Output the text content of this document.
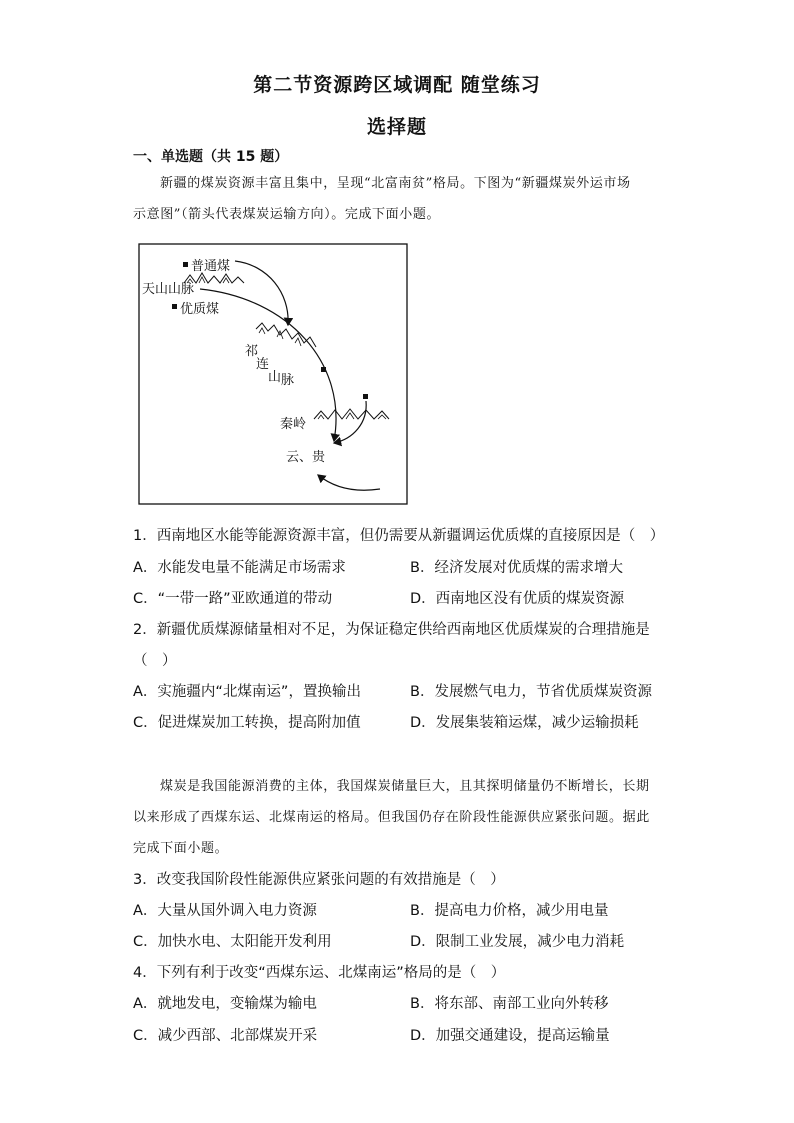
第二节资源跨区域调配 随堂练习
选择题
一、单选题（共 15 题）
新疆的煤炭资源丰富且集中，呈现“北富南贫”格局。下图为“新疆煤炭外运市场
示意图”（箭头代表煤炭运输方向）。完成下面小题。
普通煤
天山山脉
优质煤
祁
连
山 脉
秦岭
云、贵
1．西南地区水能等能源资源丰富，但仍需要从新疆调运优质煤的直接原因是（　）
A．水能发电量不能满足市场需求	B．经济发展对优质煤的需求增大
C．“一带一路”亚欧通道的带动	D．西南地区没有优质的煤炭资源
2．新疆优质煤源储量相对不足，为保证稳定供给西南地区优质煤炭的合理措施是
（　）
A．实施疆内“北煤南运”，置换输出	B．发展燃气电力，节省优质煤炭资源
C．促进煤炭加工转换，提高附加值	D．发展集装箱运煤，减少运输损耗
煤炭是我国能源消费的主体，我国煤炭储量巨大，且其探明储量仍不断增长，长期
以来形成了西煤东运、北煤南运的格局。但我国仍存在阶段性能源供应紧张问题。据此
完成下面小题。
3．改变我国阶段性能源供应紧张问题的有效措施是（　）
A．大量从国外调入电力资源	B．提高电力价格，减少用电量
C．加快水电、太阳能开发利用	D．限制工业发展，减少电力消耗
4．下列有利于改变“西煤东运、北煤南运”格局的是（　）
A．就地发电，变输煤为输电	B．将东部、南部工业向外转移
C．减少西部、北部煤炭开采	D．加强交通建设，提高运输量
